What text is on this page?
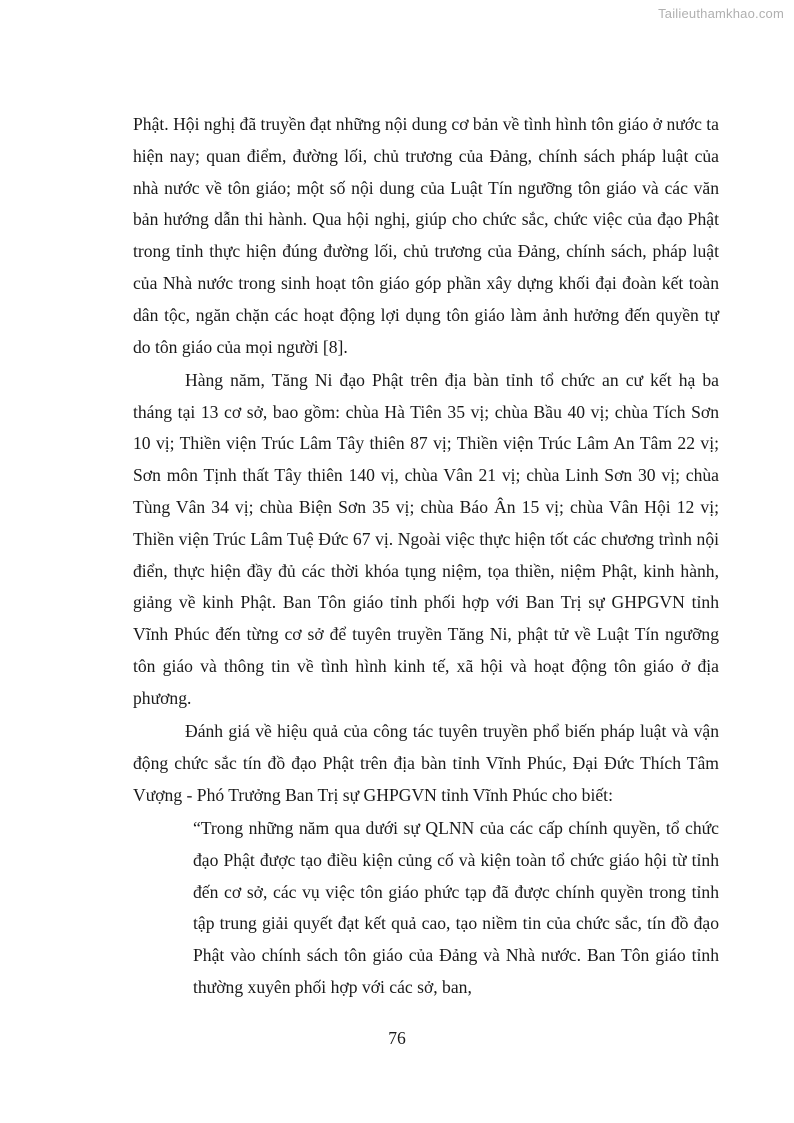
Tailieuthamkhao.com

Phật. Hội nghị đã truyền đạt những nội dung cơ bản về tình hình tôn giáo ở nước ta hiện nay; quan điểm, đường lối, chủ trương của Đảng, chính sách pháp luật của nhà nước về tôn giáo; một số nội dung của Luật Tín ngưỡng tôn giáo và các văn bản hướng dẫn thi hành. Qua hội nghị, giúp cho chức sắc, chức việc của đạo Phật trong tỉnh thực hiện đúng đường lối, chủ trương của Đảng, chính sách, pháp luật của Nhà nước trong sinh hoạt tôn giáo góp phần xây dựng khối đại đoàn kết toàn dân tộc, ngăn chặn các hoạt động lợi dụng tôn giáo làm ảnh hưởng đến quyền tự do tôn giáo của mọi người [8].

Hàng năm, Tăng Ni đạo Phật trên địa bàn tỉnh tổ chức an cư kết hạ ba tháng tại 13 cơ sở, bao gồm: chùa Hà Tiên 35 vị; chùa Bầu 40 vị; chùa Tích Sơn 10 vị; Thiền viện Trúc Lâm Tây thiên 87 vị; Thiền viện Trúc Lâm An Tâm 22 vị; Sơn môn Tịnh thất Tây thiên 140 vị, chùa Vân 21 vị; chùa Linh Sơn 30 vị; chùa Tùng Vân 34 vị; chùa Biện Sơn 35 vị; chùa Báo Ân 15 vị; chùa Vân Hội 12 vị; Thiền viện Trúc Lâm Tuệ Đức 67 vị. Ngoài việc thực hiện tốt các chương trình nội điển, thực hiện đầy đủ các thời khóa tụng niệm, tọa thiền, niệm Phật, kinh hành, giảng về kinh Phật. Ban Tôn giáo tỉnh phối hợp với Ban Trị sự GHPGVN tỉnh Vĩnh Phúc đến từng cơ sở để tuyên truyền Tăng Ni, phật tử về Luật Tín ngưỡng tôn giáo và thông tin về tình hình kinh tế, xã hội và hoạt động tôn giáo ở địa phương.

Đánh giá về hiệu quả của công tác tuyên truyền phổ biến pháp luật và vận động chức sắc tín đồ đạo Phật trên địa bàn tỉnh Vĩnh Phúc, Đại Đức Thích Tâm Vượng - Phó Trưởng Ban Trị sự GHPGVN tỉnh Vĩnh Phúc cho biết:

“Trong những năm qua dưới sự QLNN của các cấp chính quyền, tổ chức đạo Phật được tạo điều kiện củng cố và kiện toàn tổ chức giáo hội từ tỉnh đến cơ sở, các vụ việc tôn giáo phức tạp đã được chính quyền trong tỉnh tập trung giải quyết đạt kết quả cao, tạo niềm tin của chức sắc, tín đồ đạo Phật vào chính sách tôn giáo của Đảng và Nhà nước. Ban Tôn giáo tỉnh thường xuyên phối hợp với các sở, ban,

76
